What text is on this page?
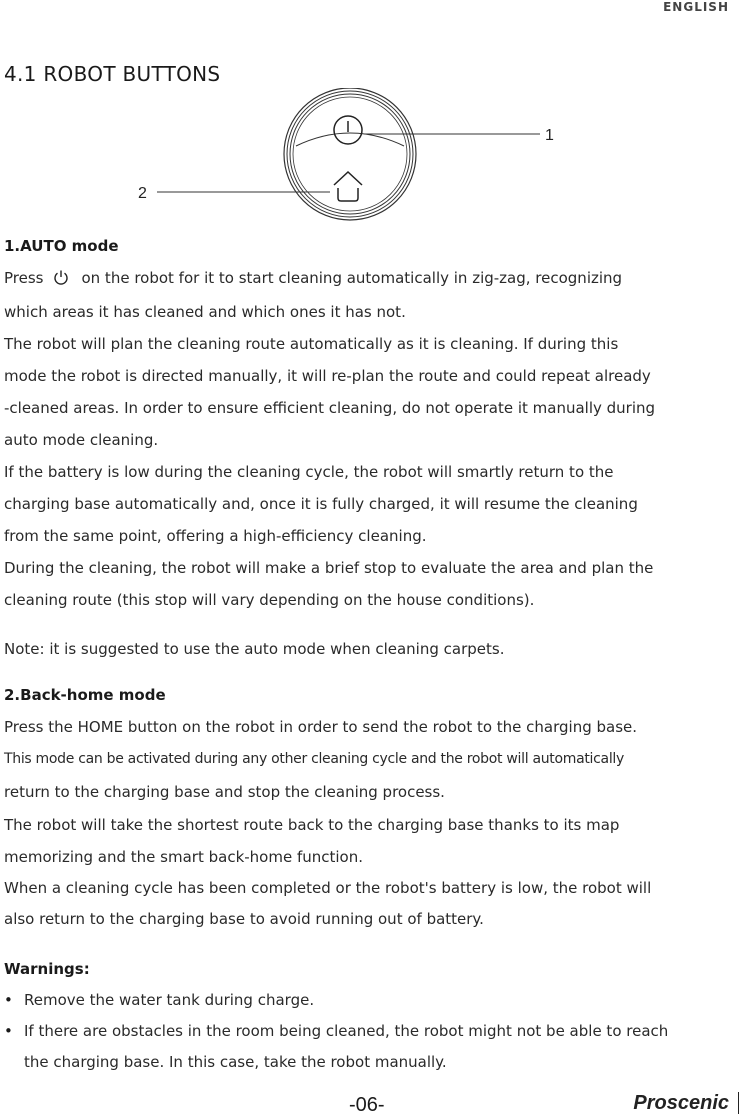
ENGLISH
4.1 ROBOT BUTTONS
1
2
1.AUTO mode

Press	on the robot for it to start cleaning automatically in zig-zag, recognizing

which areas it has cleaned and which ones it has not.

The robot will plan the cleaning route automatically as it is cleaning. If during this

mode the robot is directed manually, it will re-plan the route and could repeat already

-cleaned areas. In order to ensure efficient cleaning, do not operate it manually during

auto mode cleaning.

If the battery is low during the cleaning cycle, the robot will smartly return to the

charging base automatically and, once it is fully charged, it will resume the cleaning

from the same point, offering a high-efficiency cleaning.

During the cleaning, the robot will make a brief stop to evaluate the area and plan the

cleaning route (this stop will vary depending on the house conditions).

Note: it is suggested to use the auto mode when cleaning carpets.

2.Back-home mode

Press the HOME button on the robot in order to send the robot to the charging base.

This mode can be activated during any other cleaning cycle and the robot will automatically

return to the charging base and stop the cleaning process.

The robot will take the shortest route back to the charging base thanks to its map

memorizing and the smart back-home function.

When a cleaning cycle has been completed or the robot's battery is low, the robot will

also return to the charging base to avoid running out of battery.

Warnings:
• Remove the water tank during charge.

• If there are obstacles in the room being cleaned, the robot might not be able to reach

the charging base. In this case, take the robot manually.

-06-	Proscenic
